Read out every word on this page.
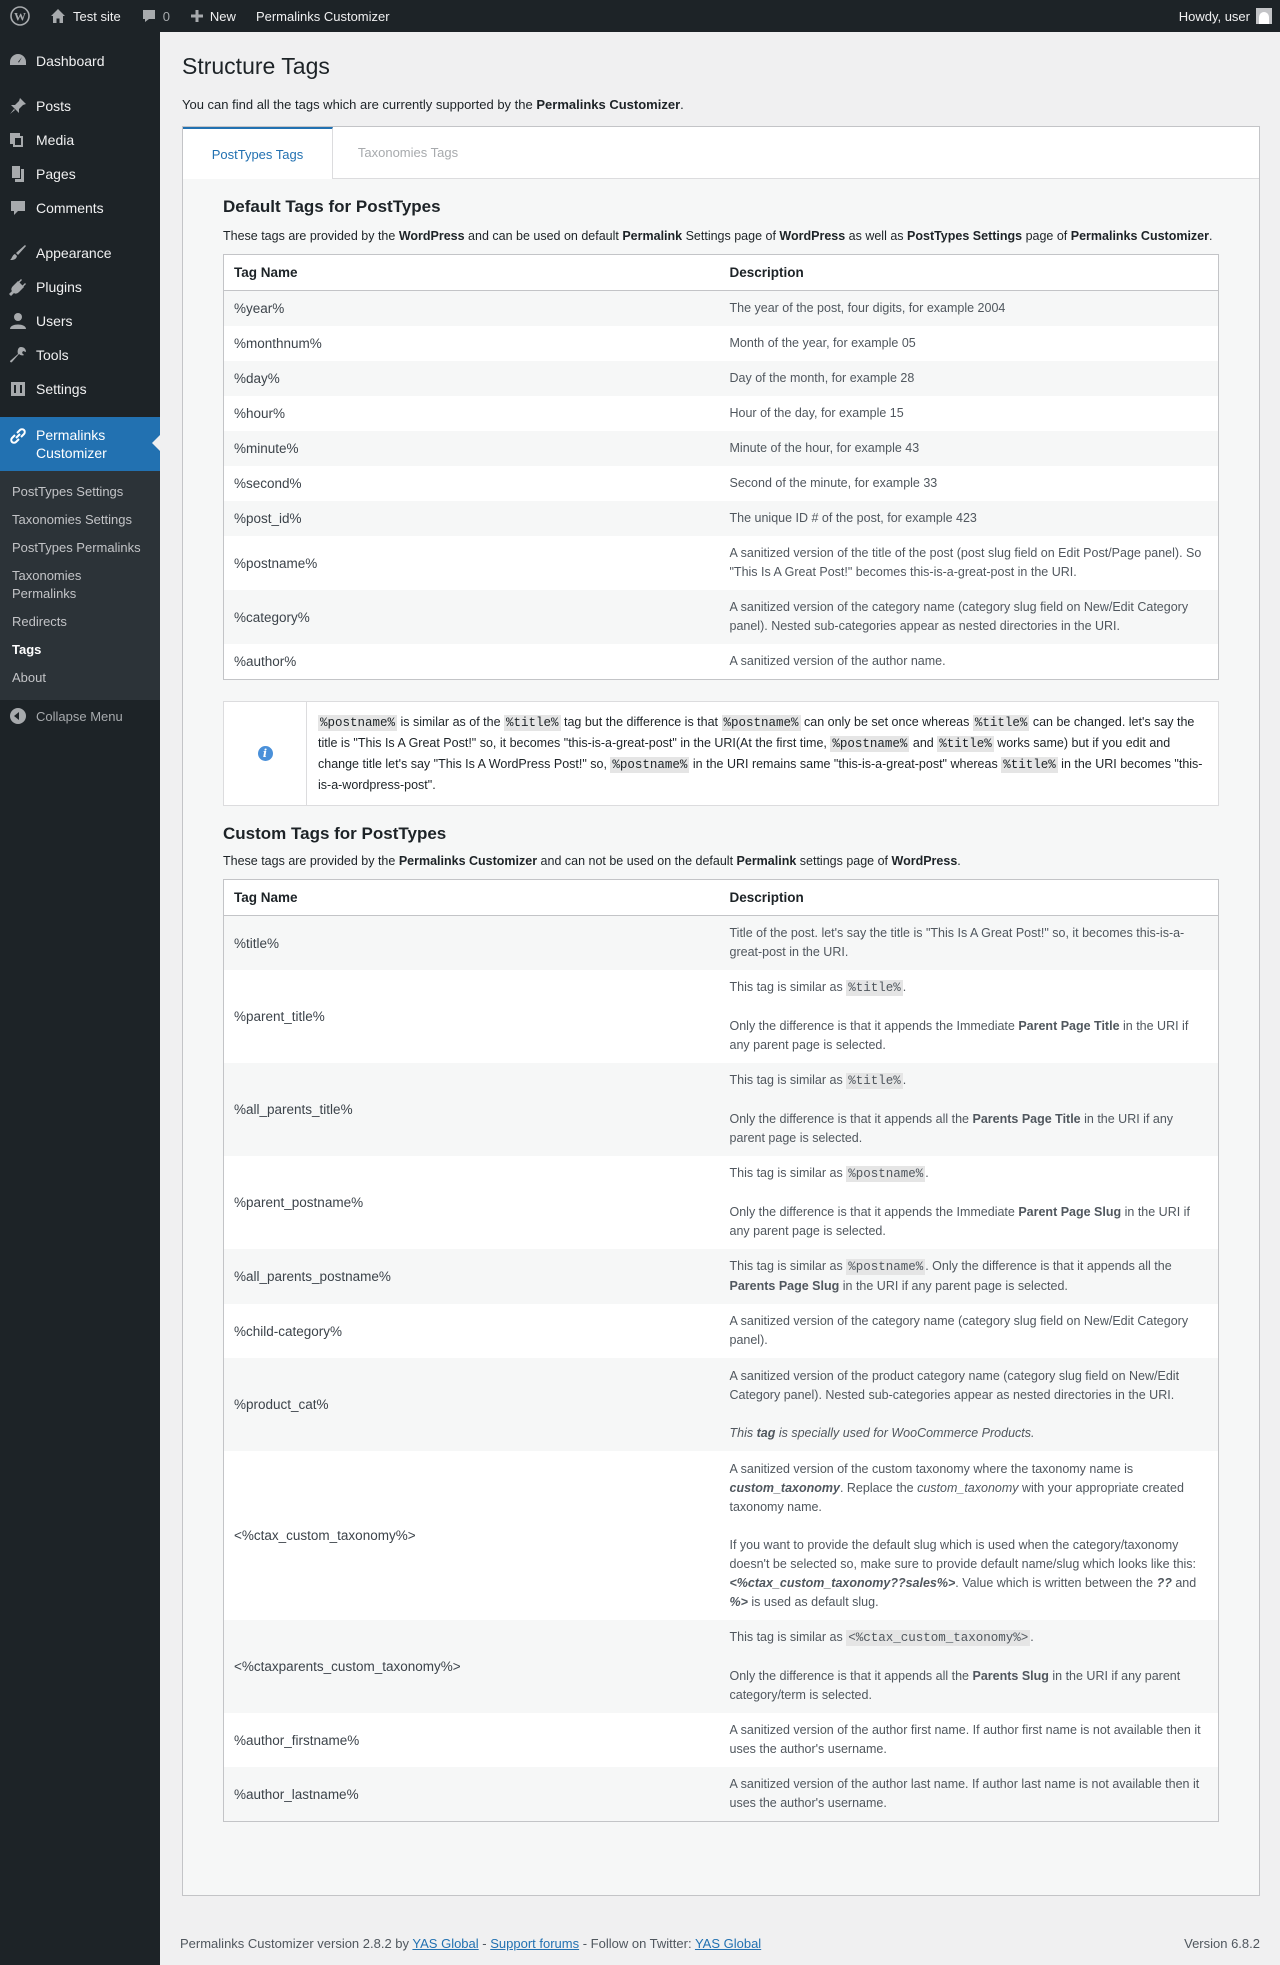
W	Test site	0	New Permalinks Customizer	Howdy, user
Dashboard
Posts
Media
Pages
Comments
Appearance
Plugins
Users
Tools
Settings
Permalinks
Customizer
PostTypes Settings
Taxonomies Settings
PostTypes Permalinks
Taxonomies
Permalinks
Redirects
Tags
About
Collapse Menu
Structure Tags

You can find all the tags which are currently supported by the Permalinks Customizer.

PostTypes Tags	Taxonomies Tags
Default Tags for PostTypes

These tags are provided by the WordPress and can be used on default Permalink Settings page of WordPress as well as PostTypes Settings page of Permalinks Customizer.

Tag Name	Description
%year%	The year of the post, four digits, for example 2004
%monthnum%	Month of the year, for example 05
%day%	Day of the month, for example 28
%hour%	Hour of the day, for example 15
%minute%	Minute of the hour, for example 43
%second%	Second of the minute, for example 33
%post_id%	The unique ID # of the post, for example 423
%postname%	A sanitized version of the title of the post (post slug field on Edit Post/Page panel). So "This Is A Great Post!" becomes this-is-a-great-post in the URI.
%category%	A sanitized version of the category name (category slug field on New/Edit Category panel). Nested sub-categories appear as nested directories in the URI.
%author%	A sanitized version of the author name.
i
%postname% is similar as of the %title% tag but the difference is that %postname% can only be set once whereas %title% can be changed. let's say the title is "This Is A Great Post!" so, it becomes "this-is-a-great-post" in the URI(At the first time, %postname% and %title% works same) but if you edit and change title let's say "This Is A WordPress Post!" so, %postname% in the URI remains same "this-is-a-great-post" whereas %title% in the URI becomes "this-is-a-wordpress-post".
Custom Tags for PostTypes

These tags are provided by the Permalinks Customizer and can not be used on the default Permalink settings page of WordPress.

Tag Name	Description
%title%	Title of the post. let's say the title is "This Is A Great Post!" so, it becomes this-is-a-great-post in the URI.
%parent_title%	This tag is similar as %title% .
Only the difference is that it appends the Immediate Parent Page Title in the URI if any parent page is selected.
%all_parents_title%	This tag is similar as %title% .
Only the difference is that it appends all the Parents Page Title in the URI if any parent page is selected.
%parent_postname%	This tag is similar as %postname% .
Only the difference is that it appends the Immediate Parent Page Slug in the URI if any parent page is selected.
%all_parents_postname%	This tag is similar as %postname% . Only the difference is that it appends all the Parents Page Slug in the URI if any parent page is selected.
%child-category%	A sanitized version of the category name (category slug field on New/Edit Category panel).
%product_cat%	A sanitized version of the product category name (category slug field on New/Edit Category panel). Nested sub-categories appear as nested directories in the URI.
This tag is specially used for WooCommerce Products.
<%ctax_custom_taxonomy%>	A sanitized version of the custom taxonomy where the taxonomy name is custom_taxonomy. Replace the custom_taxonomy with your appropriate created taxonomy name.
If you want to provide the default slug which is used when the category/taxonomy doesn't be selected so, make sure to provide default name/slug which looks like this: <%ctax_custom_taxonomy??sales%>. Value which is written between the ?? and %> is used as default slug.
<%ctaxparents_custom_taxonomy%>	This tag is similar as <%ctax_custom_taxonomy%> .
Only the difference is that it appends all the Parents Slug in the URI if any parent category/term is selected.
%author_firstname%	A sanitized version of the author first name. If author first name is not available then it uses the author's username.
%author_lastname%	A sanitized version of the author last name. If author last name is not available then it uses the author's username.
Permalinks Customizer version 2.8.2 by YAS Global - Support forums - Follow on Twitter: YAS Global	Version 6.8.2
